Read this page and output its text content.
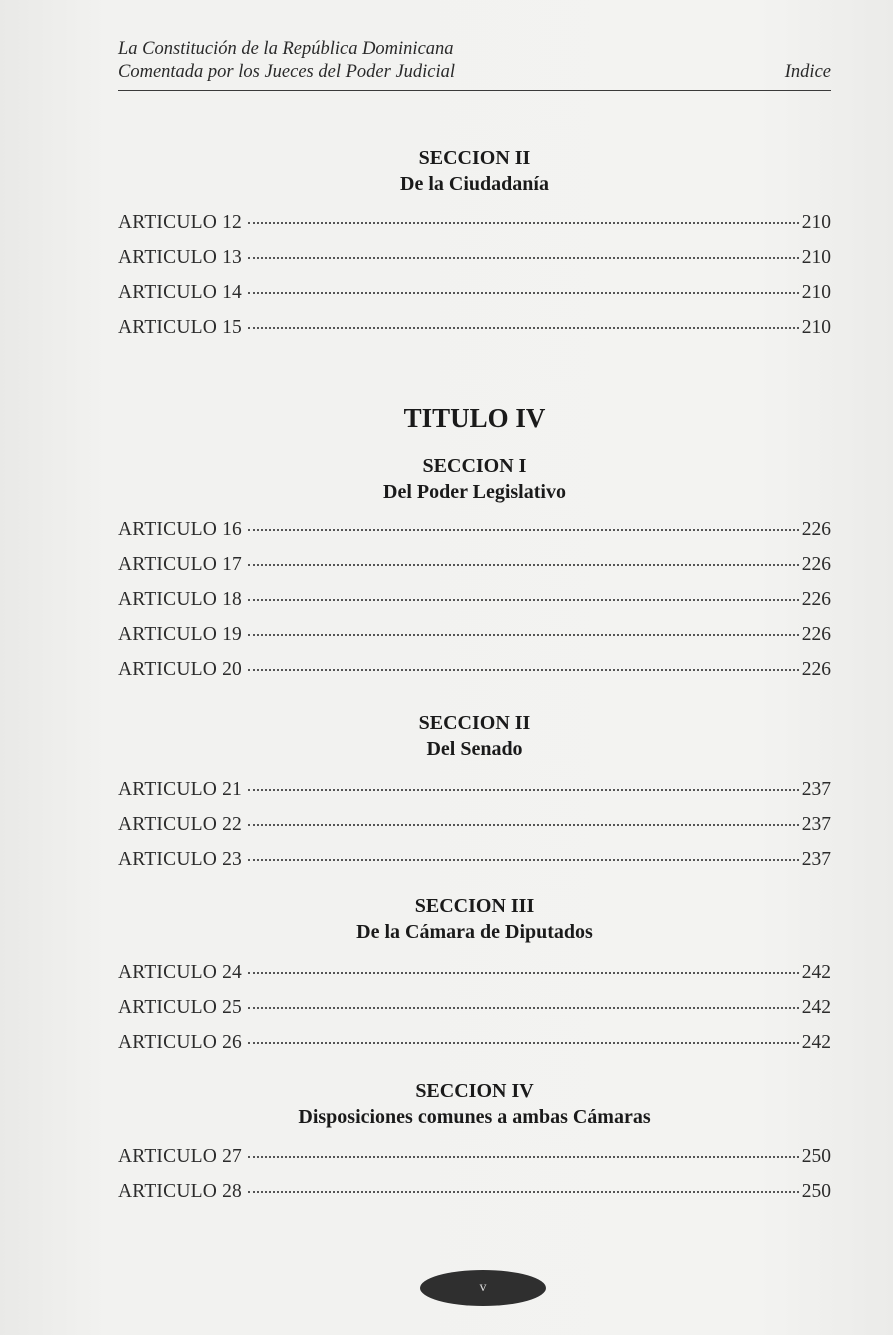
La Constitución de la República Dominicana
Comentada por los Jueces del Poder Judicial	Indice
SECCION II
De la Ciudadanía
ARTICULO 12	210
ARTICULO 13	210
ARTICULO 14	210
ARTICULO 15	210
TITULO IV
SECCION I
Del Poder Legislativo
ARTICULO 16	226
ARTICULO 17	226
ARTICULO 18	226
ARTICULO 19	226
ARTICULO 20	226
SECCION II
Del Senado
ARTICULO 21	237
ARTICULO 22	237
ARTICULO 23	237
SECCION III
De la Cámara de Diputados
ARTICULO 24	242
ARTICULO 25	242
ARTICULO 26	242
SECCION IV
Disposiciones comunes a ambas Cámaras
ARTICULO 27	250
ARTICULO 28	250
v
